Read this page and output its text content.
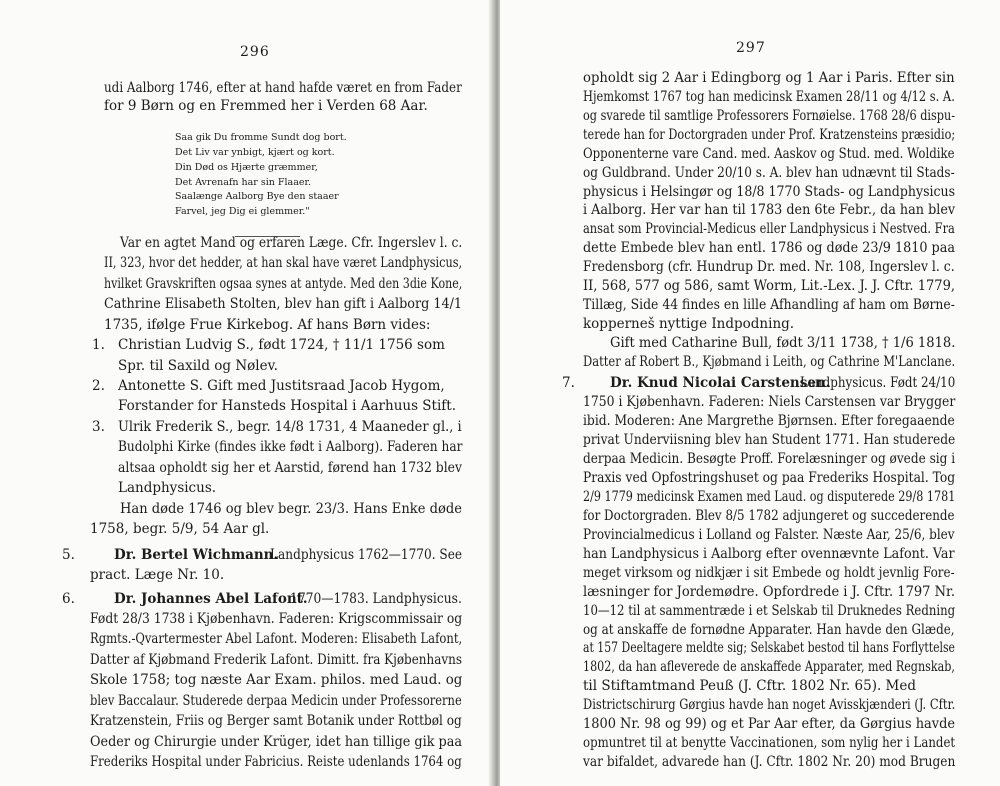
296
udi Aalborg 1746, efter at hand hafde været en from Fader
for 9 Børn og en Fremmed her i Verden 68 Aar.
Saa gik Du fromme Sundt dog bort.
Det Liv var ynbigt, kjært og kort.
Din Død os Hjærte græmmer,
Det Avrenafn har sin Flaaer.
Saalænge Aalborg Bye den staaer
Farvel, jeg Dig ei glemmer."
Var en agtet Mand og erfaren Læge. Cfr. Ingerslev l. c.
II, 323, hvor det hedder, at han skal have været Landphysicus,
hvilket Gravskriften ogsaa synes at antyde. Med den 3die Kone,
Cathrine Elisabeth Stolten, blev han gift i Aalborg 14/1
1735, ifølge Frue Kirkebog. Af hans Børn vides:
1. Christian Ludvig S., født 1724, † 11/1 1756 som
Spr. til Saxild og Nølev.
2. Antonette S. Gift med Justitsraad Jacob Hygom,
Forstander for Hansteds Hospital i Aarhuus Stift.
3. Ulrik Frederik S., begr. 14/8 1731, 4 Maaneder gl., i
Budolphi Kirke (findes ikke født i Aalborg). Faderen har
altsaa opholdt sig her et Aarstid, førend han 1732 blev
Landphysicus.
Han døde 1746 og blev begr. 23/3. Hans Enke døde
1758, begr. 5/9, 54 Aar gl.
5.	Dr. Bertel Wichmann.
Landphysicus 1762—1770. See
pract. Læge Nr. 10.
6.	Dr. Johannes Abel Lafont.
1770—1783. Landphysicus.
Født 28/3 1738 i Kjøbenhavn. Faderen: Krigscommissair og
Rgmts.-Qvartermester Abel Lafont. Moderen: Elisabeth Lafont,
Datter af Kjøbmand Frederik Lafont. Dimitt. fra Kjøbenhavns
Skole 1758; tog næste Aar Exam. philos. med Laud. og
blev Baccalaur. Studerede derpaa Medicin under Professorerne
Kratzenstein, Friis og Berger samt Botanik under Rottbøl og
Oeder og Chirurgie under Krüger, idet han tillige gik paa
Frederiks Hospital under Fabricius. Reiste udenlands 1764 og
297
opholdt sig 2 Aar i Edingborg og 1 Aar i Paris. Efter sin
Hjemkomst 1767 tog han medicinsk Examen 28/11 og 4/12 s. A.
og svarede til samtlige Professorers Fornøielse. 1768 28/6 dispu-
terede han for Doctorgraden under Prof. Kratzensteins præsidio;
Opponenterne vare Cand. med. Aaskov og Stud. med. Woldike
og Guldbrand. Under 20/10 s. A. blev han udnævnt til Stads-
physicus i Helsingør og 18/8 1770 Stads- og Landphysicus
i Aalborg. Her var han til 1783 den 6te Febr., da han blev
ansat som Provincial-Medicus eller Landphysicus i Nestved. Fra
dette Embede blev han entl. 1786 og døde 23/9 1810 paa
Fredensborg (cfr. Hundrup Dr. med. Nr. 108, Ingerslev l. c.
II, 568, 577 og 586, samt Worm, Lit.-Lex. J. J. Cftr. 1779,
Tillæg, Side 44 findes en lille Afhandling af ham om Børne-
kopperneš nyttige Indpodning.
Gift med Catharine Bull, født 3/11 1738, † 1/6 1818.
Datter af Robert B., Kjøbmand i Leith, og Cathrine M'Lanclane.
7.	Dr. Knud Nicolai Carstensen.
Landphysicus. Født 24/10
1750 i Kjøbenhavn. Faderen: Niels Carstensen var Brygger
ibid. Moderen: Ane Margrethe Bjørnsen. Efter foregaaende
privat Underviisning blev han Student 1771. Han studerede
derpaa Medicin. Besøgte Proff. Forelæsninger og øvede sig i
Praxis ved Opfostringshuset og paa Frederiks Hospital. Tog
2/9 1779 medicinsk Examen med Laud. og disputerede 29/8 1781
for Doctorgraden. Blev 8/5 1782 adjungeret og succederende
Provincialmedicus i Lolland og Falster. Næste Aar, 25/6, blev
han Landphysicus i Aalborg efter ovennævnte Lafont. Var
meget virksom og nidkjær i sit Embede og holdt jevnlig Fore-
læsninger for Jordemødre. Opfordrede i J. Cftr. 1797 Nr.
10—12 til at sammentræde i et Selskab til Druknedes Redning
og at anskaffe de fornødne Apparater. Han havde den Glæde,
at 157 Deeltagere meldte sig; Selskabet bestod til hans Forflyttelse
1802, da han afleverede de anskaffede Apparater, med Regnskab,
til Stiftamtmand Peuß (J. Cftr. 1802 Nr. 65). Med
Districtschirurg Gørgius havde han noget Avisskjænderi (J. Cftr.
1800 Nr. 98 og 99) og et Par Aar efter, da Gørgius havde
opmuntret til at benytte Vaccinationen, som nylig her i Landet
var bifaldet, advarede han (J. Cftr. 1802 Nr. 20) mod Brugen
